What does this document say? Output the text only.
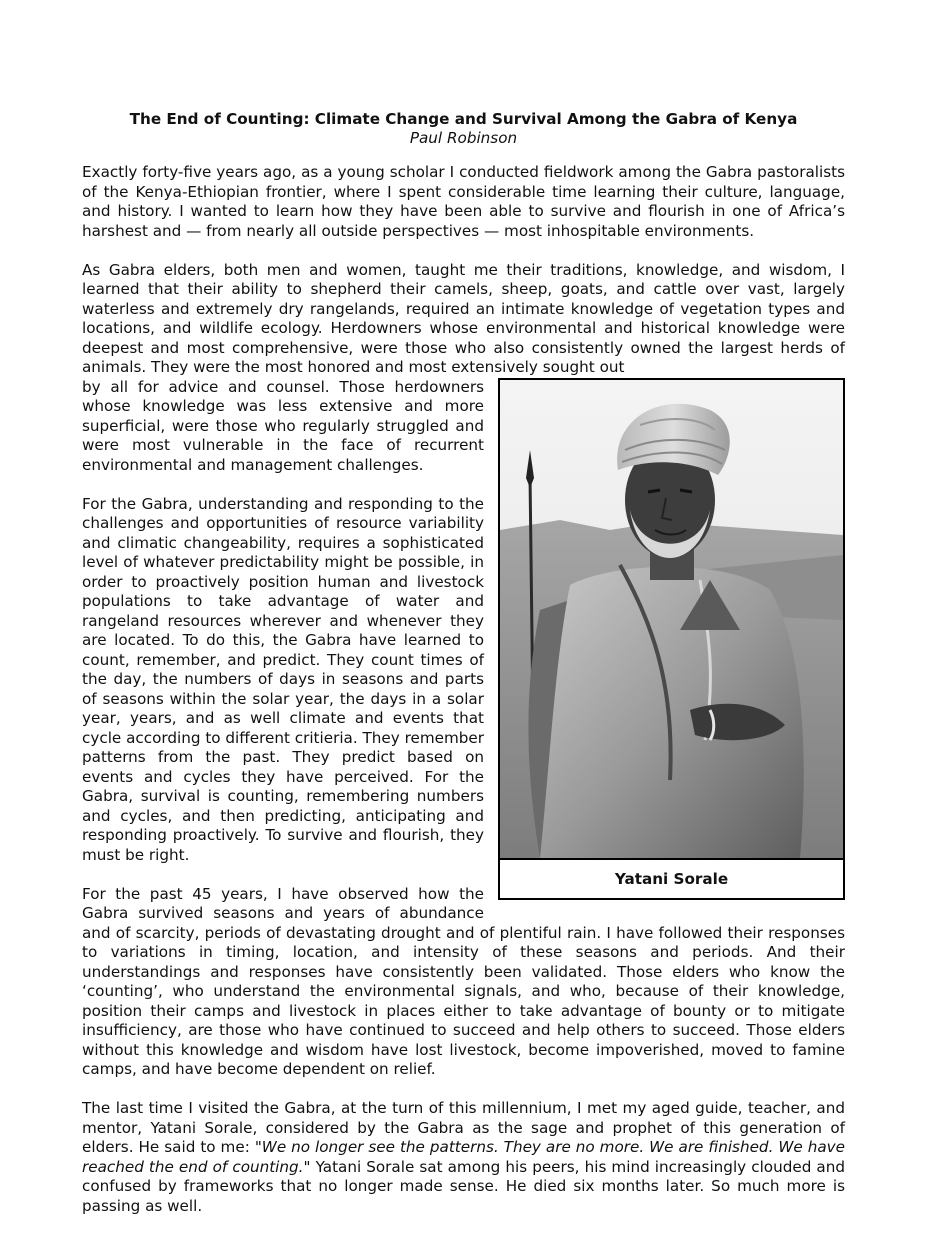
The End of Counting: Climate Change and Survival Among the Gabra of Kenya
Paul Robinson

Exactly forty-five years ago, as a young scholar I conducted fieldwork among the Gabra pastoralists of the Kenya-Ethiopian frontier, where I spent considerable time learning their culture, language, and history. I wanted to learn how they have been able to survive and flourish in one of Africa’s harshest and — from nearly all outside perspectives — most inhospitable environments.

As Gabra elders, both men and women, taught me their traditions, knowledge, and wisdom, I learned that their ability to shepherd their camels, sheep, goats, and cattle over vast, largely waterless and extremely dry rangelands, required an intimate knowledge of vegetation types and locations, and wildlife ecology. Herdowners whose environmental and historical knowledge were deepest and most comprehensive, were those who also consistently owned the largest herds of animals. They were the most honored and most extensively sought out

Yatani Sorale

by all for advice and counsel. Those herdowners whose knowledge was less extensive and more superficial, were those who regularly struggled and were most vulnerable in the face of recurrent environmental and management challenges.

For the Gabra, understanding and responding to the challenges and opportunities of resource variability and climatic changeability, requires a sophisticated level of whatever predictability might be possible, in order to proactively position human and livestock populations to take advantage of water and rangeland resources wherever and whenever they are located. To do this, the Gabra have learned to count, remember, and predict. They count times of the day, the numbers of days in seasons and parts of seasons within the solar year, the days in a solar year, years, and as well climate and events that cycle according to different critieria. They remember patterns from the past. They predict based on events and cycles they have perceived. For the Gabra, survival is counting, remembering numbers and cycles, and then predicting, anticipating and responding proactively. To survive and flourish, they must be right.

For the past 45 years, I have observed how the Gabra survived seasons and years of abundance and of scarcity, periods of devastating drought and of plentiful rain. I have followed their responses to variations in timing, location, and intensity of these seasons and periods. And their understandings and responses have consistently been validated. Those elders who know the ‘counting’, who understand the environmental signals, and who, because of their knowledge, position their camps and livestock in places either to take advantage of bounty or to mitigate insufficiency, are those who have continued to succeed and help others to succeed. Those elders without this knowledge and wisdom have lost livestock, become impoverished, moved to famine camps, and have become dependent on relief.

The last time I visited the Gabra, at the turn of this millennium, I met my aged guide, teacher, and mentor, Yatani Sorale, considered by the Gabra as the sage and prophet of this generation of elders. He said to me: "We no longer see the patterns. They are no more. We are finished. We have reached the end of counting." Yatani Sorale sat among his peers, his mind increasingly clouded and confused by frameworks that no longer made sense. He died six months later. So much more is passing as well.
